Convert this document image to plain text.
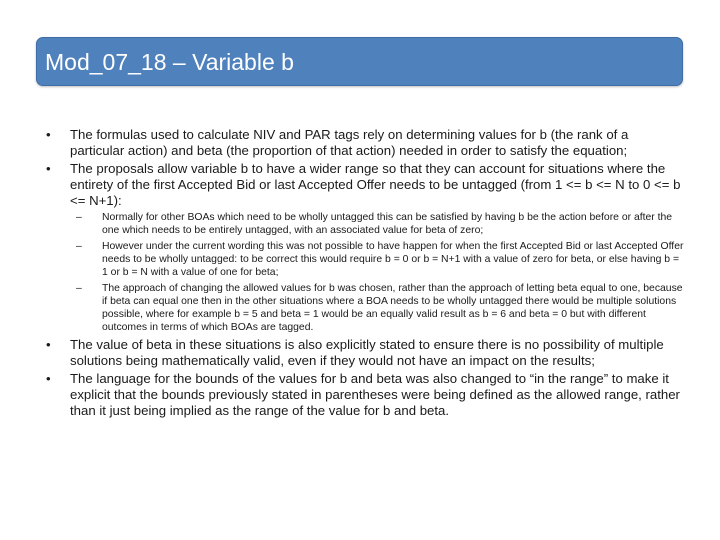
Mod_07_18 – Variable b
• The formulas used to calculate NIV and PAR tags rely on determining values for b (the rank of a particular action) and beta (the proportion of that action) needed in order to satisfy the equation;
• The proposals allow variable b to have a wider range so that they can account for situations where the entirety of the first Accepted Bid or last Accepted Offer needs to be untagged (from 1 <= b <= N to 0 <= b <= N+1):
– Normally for other BOAs which need to be wholly untagged this can be satisfied by having b be the action before or after the one which needs to be entirely untagged, with an associated value for beta of zero;
– However under the current wording this was not possible to have happen for when the first Accepted Bid or last Accepted Offer needs to be wholly untagged: to be correct this would require b = 0 or b = N+1 with a value of zero for beta, or else having b = 1 or b = N with a value of one for beta;
– The approach of changing the allowed values for b was chosen, rather than the approach of letting beta equal to one, because if beta can equal one then in the other situations where a BOA needs to be wholly untagged there would be multiple solutions possible, where for example b = 5 and beta = 1 would be an equally valid result as b = 6 and beta = 0 but with different outcomes in terms of which BOAs are tagged.
• The value of beta in these situations is also explicitly stated to ensure there is no possibility of multiple solutions being mathematically valid, even if they would not have an impact on the results;
• The language for the bounds of the values for b and beta was also changed to “in the range” to make it explicit that the bounds previously stated in parentheses were being defined as the allowed range, rather than it just being implied as the range of the value for b and beta.
